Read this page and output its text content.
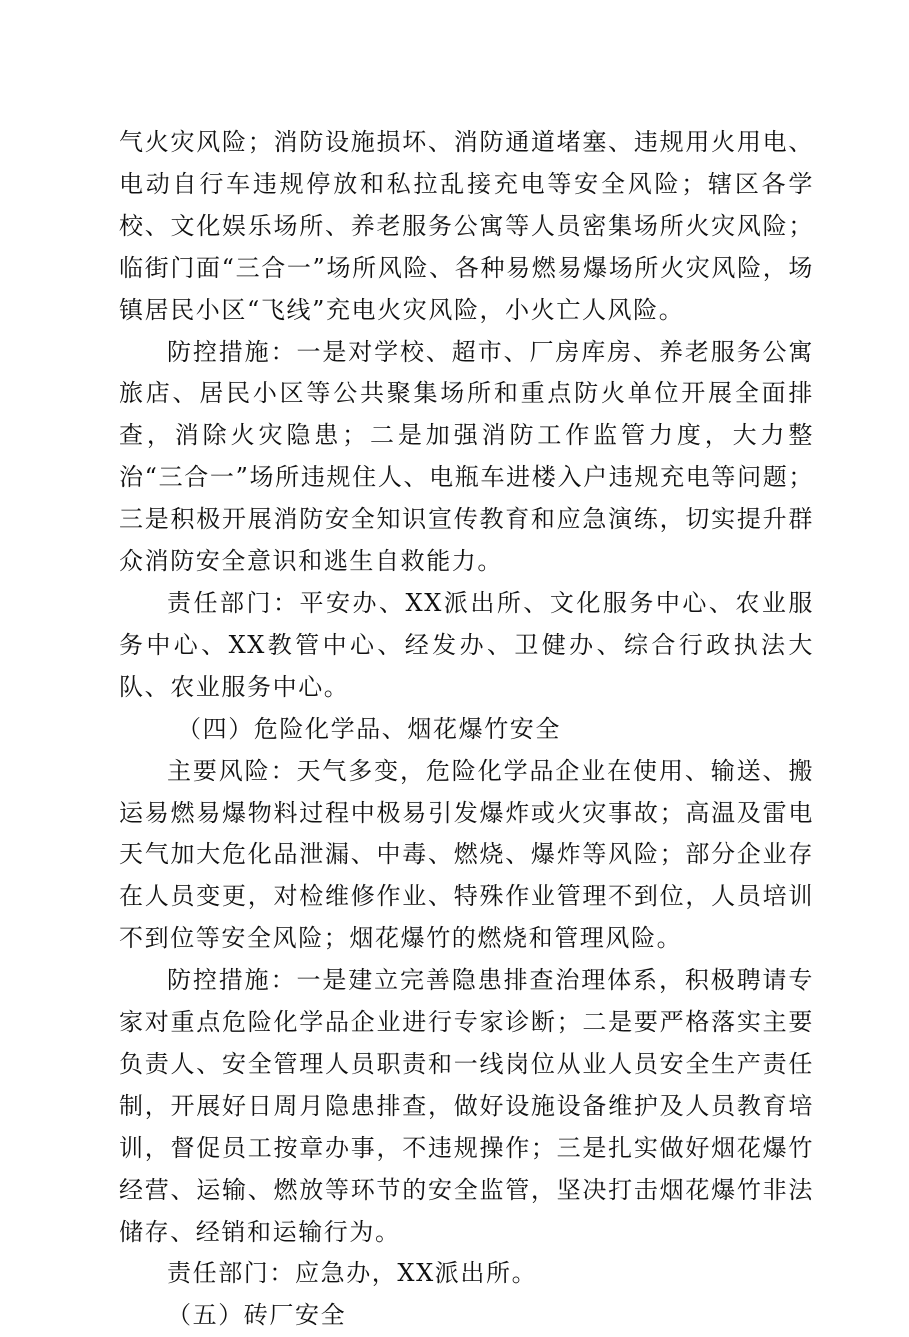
气火灾风险；消防设施损坏、消防通道堵塞、违规用火用电、电动自行车违规停放和私拉乱接充电等安全风险；辖区各学校、文化娱乐场所、养老服务公寓等人员密集场所火灾风险；临街门面“三合一”场所风险、各种易燃易爆场所火灾风险，场镇居民小区“飞线”充电火灾风险，小火亡人风险。

防控措施：一是对学校、超市、厂房库房、养老服务公寓旅店、居民小区等公共聚集场所和重点防火单位开展全面排查，消除火灾隐患；二是加强消防工作监管力度，大力整治“三合一”场所违规住人、电瓶车进楼入户违规充电等问题；三是积极开展消防安全知识宣传教育和应急演练，切实提升群众消防安全意识和逃生自救能力。

责任部门：平安办、XX派出所、文化服务中心、农业服务中心、XX教管中心、经发办、卫健办、综合行政执法大队、农业服务中心。

（四）危险化学品、烟花爆竹安全

主要风险：天气多变，危险化学品企业在使用、输送、搬运易燃易爆物料过程中极易引发爆炸或火灾事故；高温及雷电天气加大危化品泄漏、中毒、燃烧、爆炸等风险；部分企业存在人员变更，对检维修作业、特殊作业管理不到位，人员培训不到位等安全风险；烟花爆竹的燃烧和管理风险。

防控措施：一是建立完善隐患排查治理体系，积极聘请专家对重点危险化学品企业进行专家诊断；二是要严格落实主要负责人、安全管理人员职责和一线岗位从业人员安全生产责任制，开展好日周月隐患排查，做好设施设备维护及人员教育培训，督促员工按章办事，不违规操作；三是扎实做好烟花爆竹经营、运输、燃放等环节的安全监管，坚决打击烟花爆竹非法储存、经销和运输行为。

责任部门：应急办，XX派出所。

（五）砖厂安全
